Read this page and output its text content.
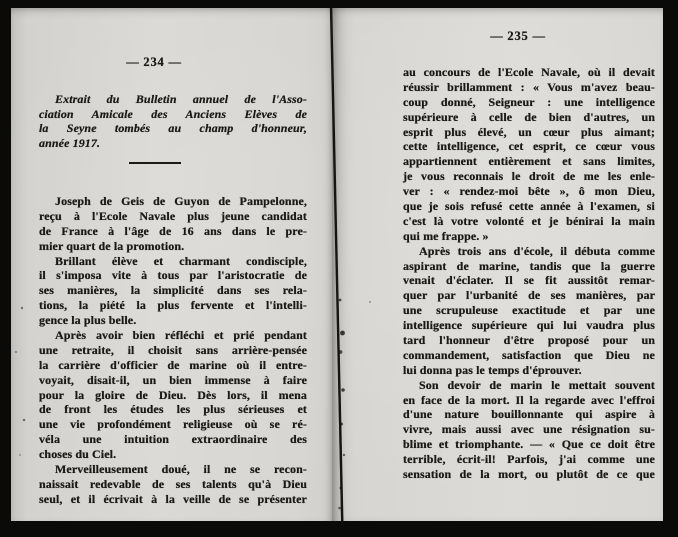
— 234 —
Extrait du Bulletin annuel de l'Asso-
ciation Amicale des Anciens Elèves de
la Seyne tombés au champ d'honneur,
année 1917.
Joseph de Geis de Guyon de Pampelonne,
reçu à l'Ecole Navale plus jeune candidat
de France à l'âge de 16 ans dans le pre-
mier quart de la promotion.
Brillant élève et charmant condisciple,
il s'imposa vite à tous par l'aristocratie de
ses manières, la simplicité dans ses rela-
tions, la piété la plus fervente et l'intelli-
gence la plus belle.
Après avoir bien réfléchi et prié pendant
une retraite, il choisit sans arrière-pensée
la carrière d'officier de marine où il entre-
voyait, disait-il, un bien immense à faire
pour la gloire de Dieu. Dès lors, il mena
de front les études les plus sérieuses et
une vie profondément religieuse où se ré-
véla une intuition extraordinaire des
choses du Ciel.
Merveilleusement doué, il ne se recon-
naissait redevable de ses talents qu'à Dieu
seul, et il écrivait à la veille de se présenter
— 235 —
au concours de l'Ecole Navale, où il devait
réussir brillamment : « Vous m'avez beau-
coup donné, Seigneur : une intelligence
supérieure à celle de bien d'autres, un
esprit plus élevé, un cœur plus aimant;
cette intelligence, cet esprit, ce cœur vous
appartiennent entièrement et sans limites,
je vous reconnais le droit de me les enle-
ver : « rendez-moi bête », ô mon Dieu,
que je sois refusé cette année à l'examen, si
c'est là votre volonté et je bénirai la main
qui me frappe. »
Après trois ans d'école, il débuta comme
aspirant de marine, tandis que la guerre
venait d'éclater. Il se fit aussitôt remar-
quer par l'urbanité de ses manières, par
une scrupuleuse exactitude et par une
intelligence supérieure qui lui vaudra plus
tard l'honneur d'être proposé pour un
commandement, satisfaction que Dieu ne
lui donna pas le temps d'éprouver.
Son devoir de marin le mettait souvent
en face de la mort. Il la regarde avec l'effroi
d'une nature bouillonnante qui aspire à
vivre, mais aussi avec une résignation su-
blime et triomphante. — « Que ce doit être
terrible, écrit-il! Parfois, j'ai comme une
sensation de la mort, ou plutôt de ce que
